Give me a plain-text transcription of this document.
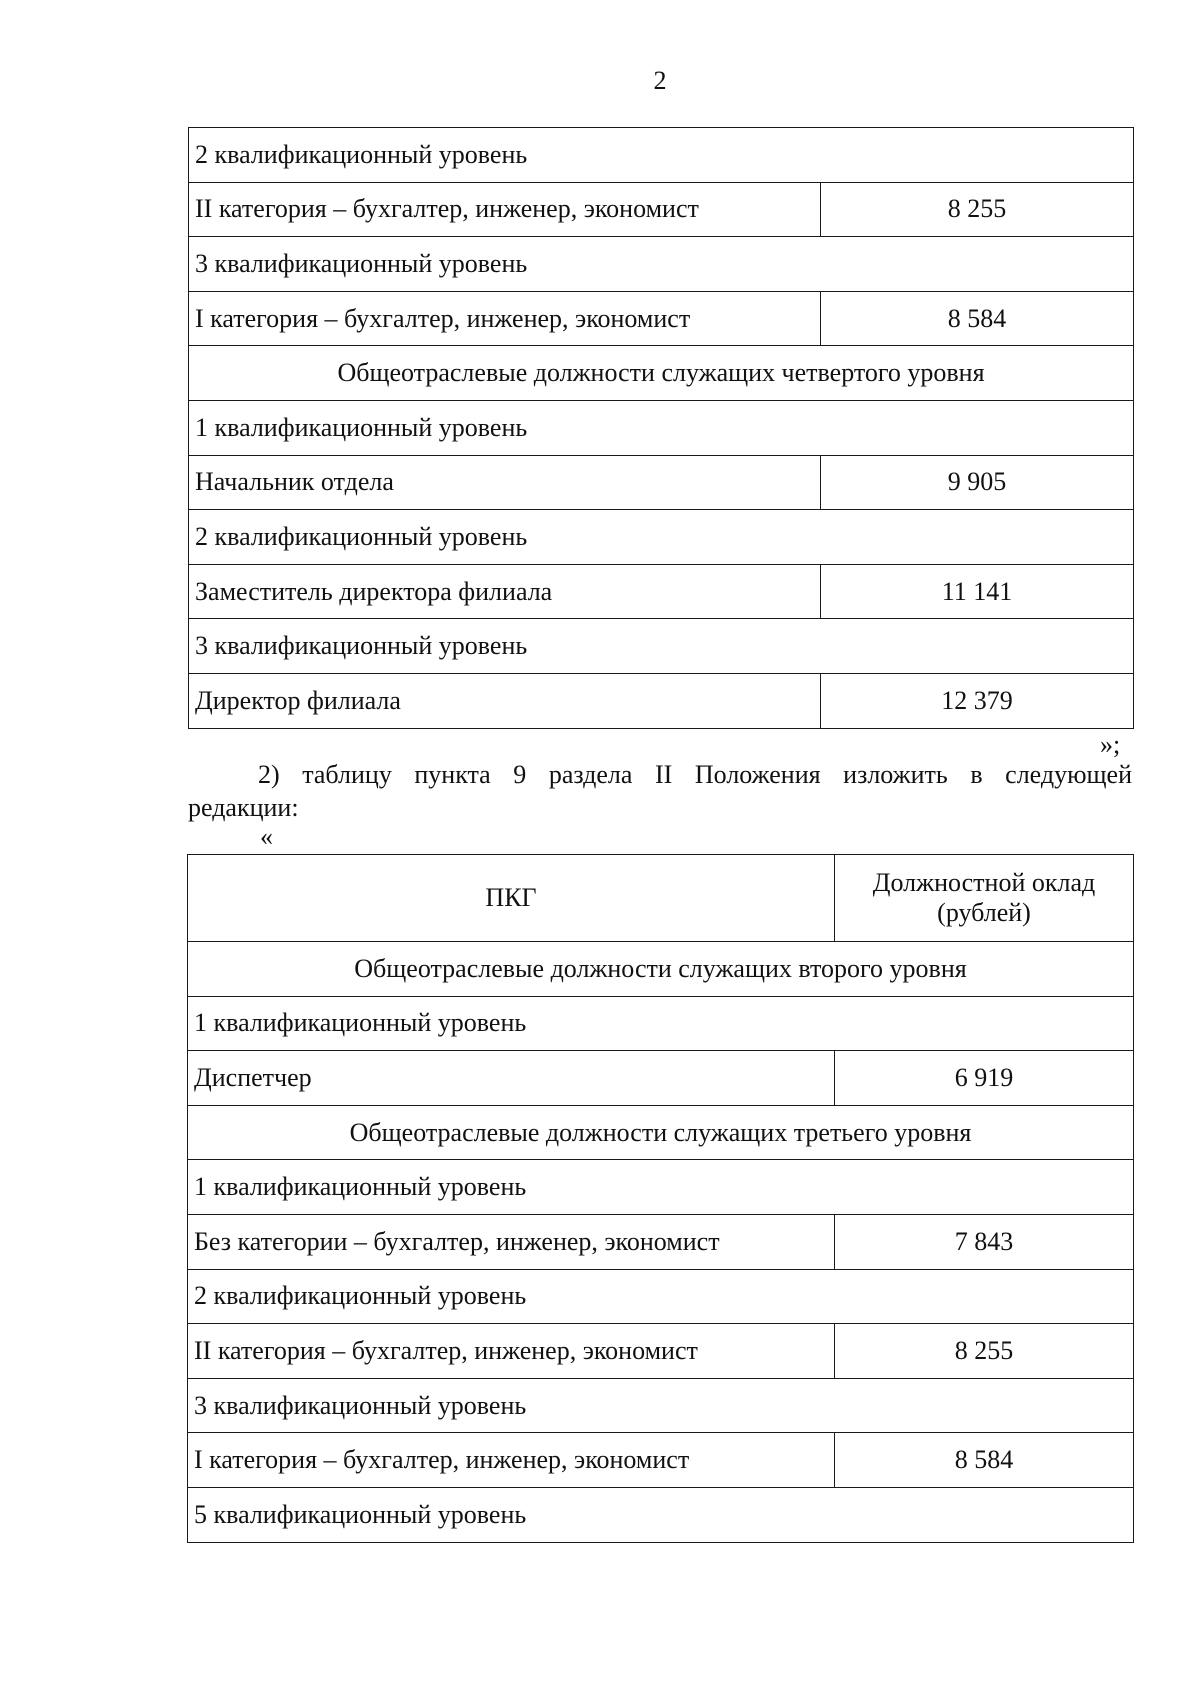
2
2 квалификационный уровень	
II категория – бухгалтер, инженер, экономист	8 255
3 квалификационный уровень	
I категория – бухгалтер, инженер, экономист	8 584
Общеотраслевые должности служащих четвертого уровня	
1 квалификационный уровень	
Начальник отдела	9 905
2 квалификационный уровень	
Заместитель директора филиала	11 141
3 квалификационный уровень	
Директор филиала	12 379
»;
2) таблицу пункта 9 раздела II Положения изложить в следующей
редакции:
«
ПКГ	Должностной оклад
(рублей)
Общеотраслевые должности служащих второго уровня	
1 квалификационный уровень	
Диспетчер	6 919
Общеотраслевые должности служащих третьего уровня	
1 квалификационный уровень	
Без категории – бухгалтер, инженер, экономист	7 843
2 квалификационный уровень	
II категория – бухгалтер, инженер, экономист	8 255
3 квалификационный уровень	
I категория – бухгалтер, инженер, экономист	8 584
5 квалификационный уровень	
